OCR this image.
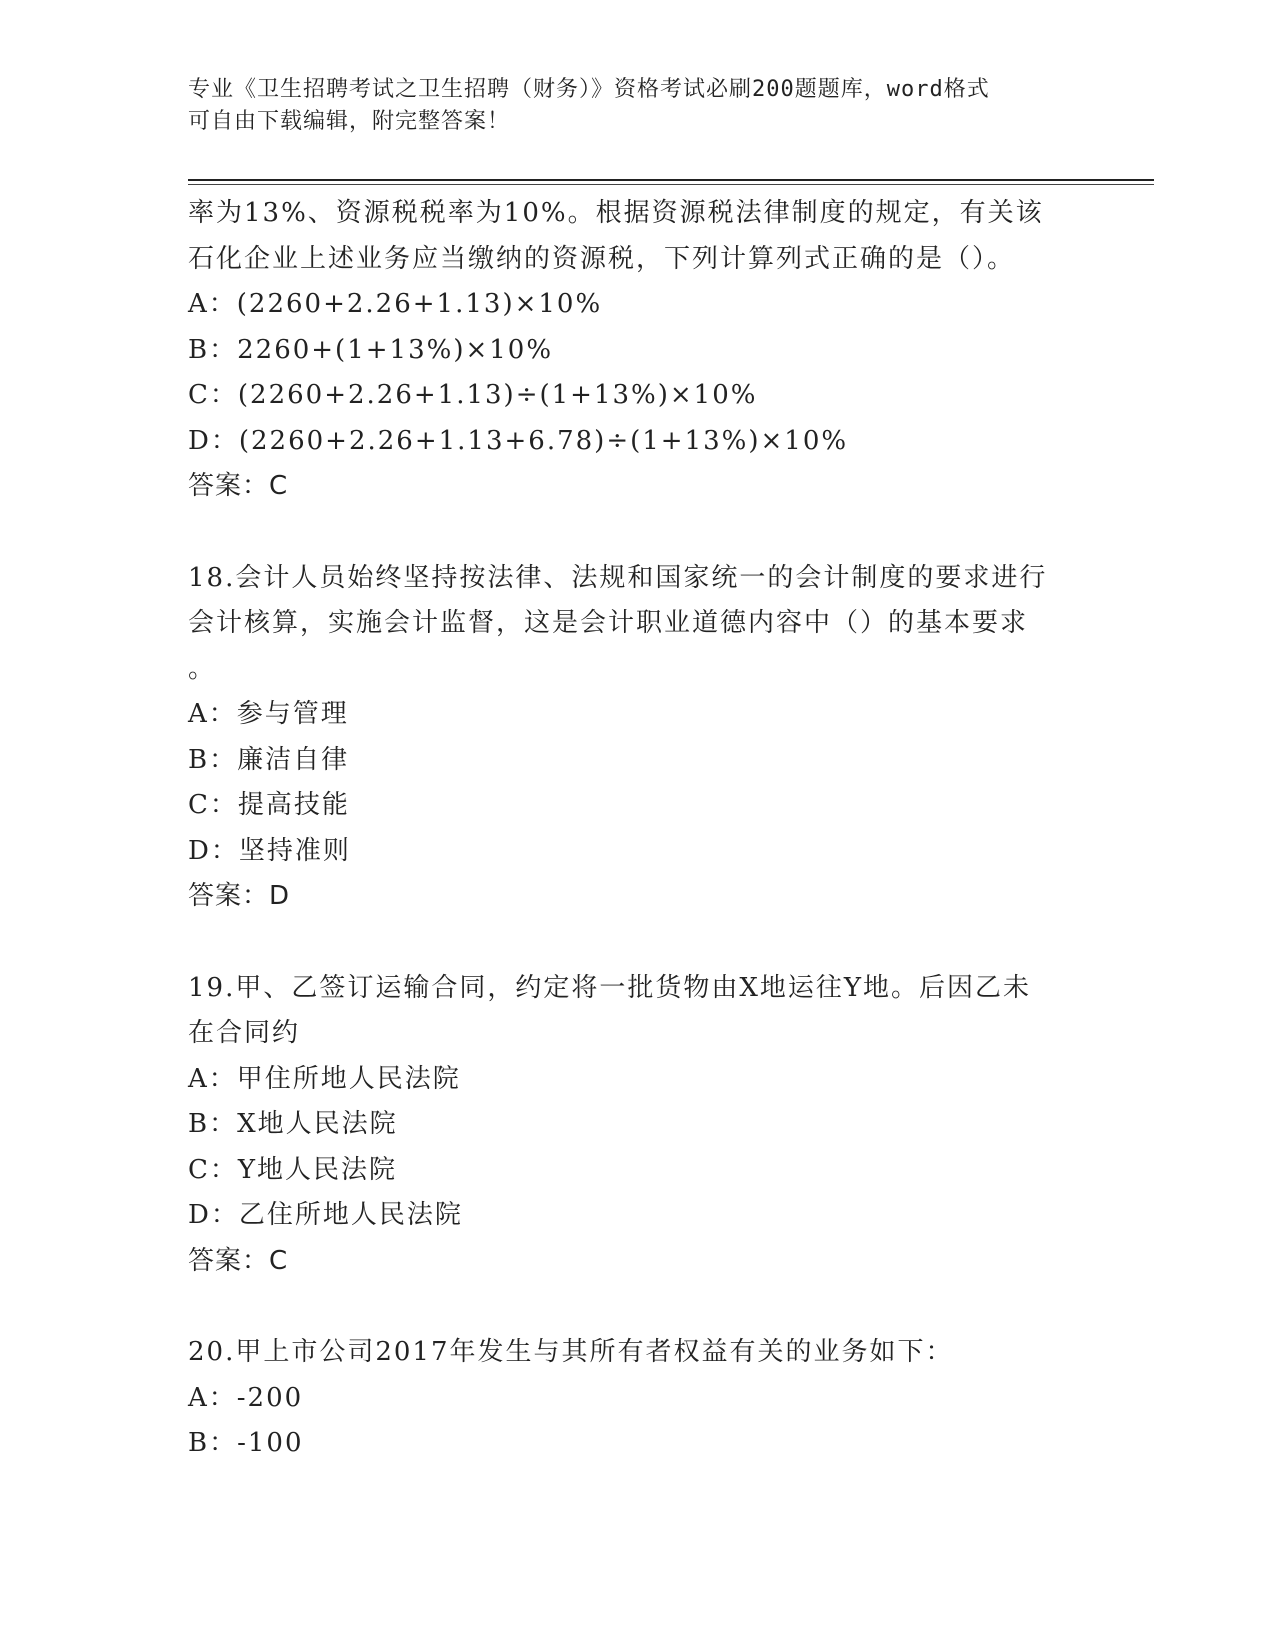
专业《卫生招聘考试之卫生招聘（财务）》资格考试必刷200题题库，word格式
可自由下载编辑，附完整答案！
率为13%、资源税税率为10%。根据资源税法律制度的规定，有关该
石化企业上述业务应当缴纳的资源税，下列计算列式正确的是（）。
A：(2260+2.26+1.13)×10%
B：2260+(1+13%)×10%
C：(2260+2.26+1.13)÷(1+13%)×10%
D：(2260+2.26+1.13+6.78)÷(1+13%)×10%
答案：C
18.会计人员始终坚持按法律、法规和国家统一的会计制度的要求进行
会计核算，实施会计监督，这是会计职业道德内容中（）的基本要求
。
A：参与管理
B：廉洁自律
C：提高技能
D：坚持准则
答案：D
19.甲、乙签订运输合同，约定将一批货物由X地运往Y地。后因乙未
在合同约
A：甲住所地人民法院
B：X地人民法院
C：Y地人民法院
D：乙住所地人民法院
答案：C
20.甲上市公司2017年发生与其所有者权益有关的业务如下：
A：-200
B：-100
